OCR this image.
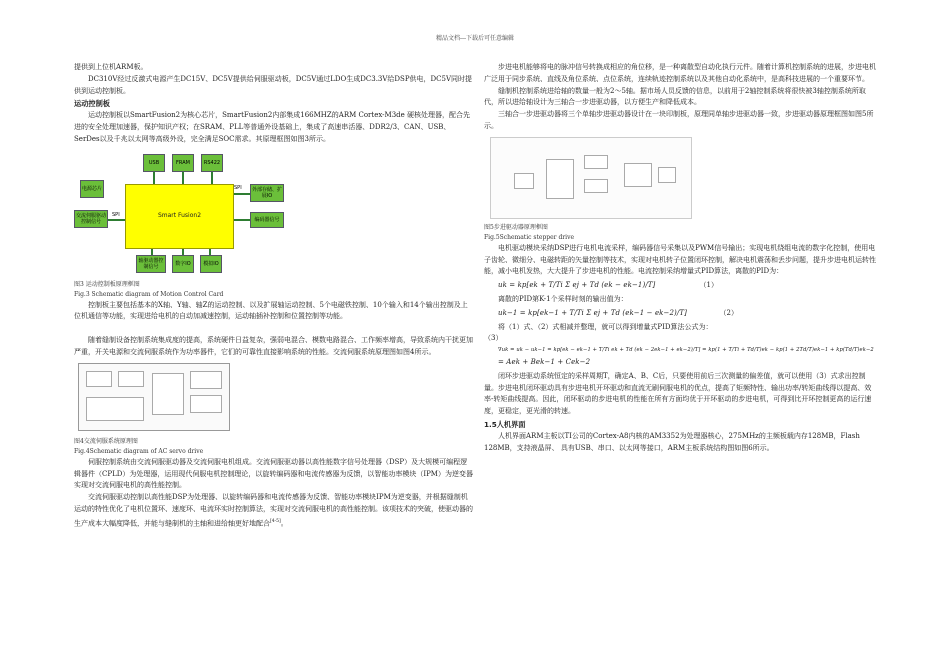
精品文档---下载后可任意编辑

提供到上位机ARM板。

DC310V经过反激式电源产生DC15V、DC5V提供给伺服驱动板，DC5V通过LDO生成DC3.3V给DSP供电，DC5V同时提供到运动控制板。

运动控制板

运动控制板以SmartFusion2为核心芯片，SmartFusion2内部集成166MHZ的ARM Cortex-M3de 硬核处理器，配合先进的安全处理加速器，保护知识产权；在SRAM、PLL等普通外设基础上，集成了高速串活器、DDR2/3、CAN、USB、SerDes以及千兆以太网等高级外设，完全满足SOC需求。其原理框图如图3所示。

USB	FRAM	RS422
Smart Fusion2
电源芯片
交流伺服驱动控制信号
SPI
外部存储、扩展IO
SPI
编码器信号
轴驱动器控制信号	数字IO	模拟IO

图3 运动控制板原理框图

Fig.3 Schematic diagram of Motion Control Card

控制板主要包括基本的X轴、Y轴、轴Z的运动控制、以及扩展轴运动控制、5个电磁铁控制、10个输入和14个输出控制及上位机通信等功能，实现进给电机的自动加减速控制，运动轴插补控制和位置控制等功能。

随着缝制设备控制系统集成度的提高，系统硬件日益复杂，强弱电混合、模数电路混合、工作频率增高，导致系统内干扰更加严重，开关电源和交流伺服系统作为功率器件，它们的可靠性直接影响系统的性能。交流伺服系统原理图如图4所示。

图4交流伺服系统原理图

Fig.4Schematic diagram of AC servo drive

伺服控制系统由交流伺服驱动器及交流伺服电机组成。交流伺服驱动器以高性能数字信号处理器（DSP）及大规模可编程逻辑器件（CPLD）为处理器，运用现代伺服电机控制理论，以旋转编码器和电流传感器为反馈，以智能功率模块（IPM）为逆变器实现对交流伺服电机的高性能控制。

交流伺服驱动控制以高性能DSP为处理器、以旋转编码器和电流传感器为反馈、智能功率模块IPM为逆变器，并根据缝制机运动的特性优化了电机位置环、速度环、电流环实时控制算法，实现对交流伺服电机的高性能控制。该项技术的突破，使驱动器的生产成本大幅度降低，并能与缝制机的主轴和进给轴更好地配合[4-5]。

步进电机能够将电的脉冲信号转换成相应的角位移，是一种离散型自动化执行元件。随着计算机控制系统的进展，步进电机广泛用于同步系统、直线及角位系统、点位系统，连续轨迹控制系统以及其他自动化系统中，是高科技进展的一个重要环节。

缝制机控制系统进给轴的数量一般为2～5轴。据市场人员反馈的信息，以前用于2轴控制系统将很快被3轴控制系统所取代，所以进给轴设计为三轴合一步进驱动器，以方便生产和降低成本。

三轴合一步进驱动器将三个单轴步进驱动器设计在一块印制板，原理同单轴步进驱动器一致，步进驱动器原理框图如图5所示。

图5步进驱动器原理框图

Fig.5Schematic stepper drive

电机驱动模块采纳DSP进行电机电流采样，编码器信号采集以及PWM信号输出；实现电机绕组电流的数字化控制，使用电子齿轮、微细分、电磁转距的矢量控制等技术，实现对电机转子位置闭环控制，解决电机震荡和丢步问题，提升步进电机运转性能，减小电机发热，大大提升了步进电机的性能。电流控制采纳增量式PID算法，离散的PID为：

uk = kp[ek + T/Ti Σ ej + Td (ek − ek−1)/T]	（1）

离散的PID第K-1个采样时刻的输出值为：

uk−1 = kp[ek−1 + T/Ti Σ ej + Td (ek−1 − ek−2)/T]	（2）

将（1）式、（2）式相减并整理，就可以得到增量式PID算法公式为：

（3）
∇uk = uk − uk−1 = kp[ek − ek−1 + T/Ti ek + Td (ek − 2ek−1 + ek−2)/T] = kp(1 + T/Ti + Td/T)ek − kp(1 + 2Td/T)ek−1 + kp(Td/T)ek−2
= Aek + Bek−1 + Cek−2

闭环步进驱动系统恒定的采样周期T，确定A、B、C后，只要使用前后三次测量的偏差值，就可以使用（3）式求出控制量。步进电机闭环驱动具有步进电机开环驱动和直流无刷伺服电机的优点，提高了矩频特性、输出功率/转矩曲线得以提高、效率-转矩曲线提高。因此，闭环驱动的步进电机的性能在所有方面均优于开环驱动的步进电机，可得到比开环控制更高的运行速度，更稳定，更光滑的转速。

1.5人机界面

人机界面ARM主板以TI公司的Cortex-A8内核的AM3352为处理器核心，275MHz的主频板载内存128MB，Flash 128MB，支持液晶屏、 具有USB、串口、以太网等接口，ARM主板系统结构图如图6所示。
